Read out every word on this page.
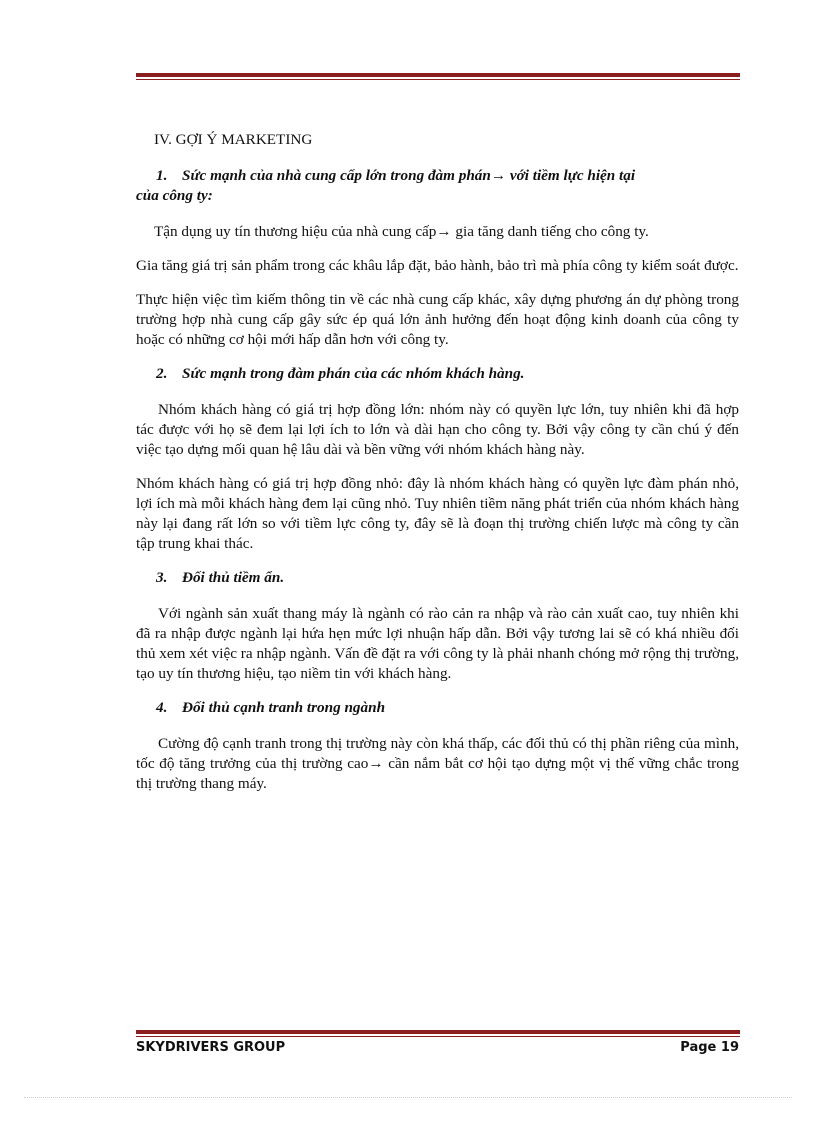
IV. GỢI Ý MARKETING

1. Sức mạnh của nhà cung cấp lớn trong đàm phán→ với tiềm lực hiện tại
của công ty:

Tận dụng uy tín thương hiệu của nhà cung cấp→ gia tăng danh tiếng cho công ty.

Gia tăng giá trị sản phẩm trong các khâu lắp đặt, bảo hành, bảo trì mà phía công ty kiểm soát được.

Thực hiện việc tìm kiếm thông tin về các nhà cung cấp khác, xây dựng phương án dự phòng trong trường hợp nhà cung cấp gây sức ép quá lớn ảnh hưởng đến hoạt động kinh doanh của công ty hoặc có những cơ hội mới hấp dẫn hơn với công ty.

2. Sức mạnh trong đàm phán của các nhóm khách hàng.

Nhóm khách hàng có giá trị hợp đồng lớn: nhóm này có quyền lực lớn, tuy nhiên khi đã hợp tác được với họ sẽ đem lại lợi ích to lớn và dài hạn cho công ty. Bởi vậy công ty cần chú ý đến việc tạo dựng mối quan hệ lâu dài và bền vững với nhóm khách hàng này.

Nhóm khách hàng có giá trị hợp đồng nhỏ: đây là nhóm khách hàng có quyền lực đàm phán nhỏ, lợi ích mà mỗi khách hàng đem lại cũng nhỏ. Tuy nhiên tiềm năng phát triển của nhóm khách hàng này lại đang rất lớn so với tiềm lực công ty, đây sẽ là đoạn thị trường chiến lược mà công ty cần tập trung khai thác.

3. Đối thủ tiềm ẩn.

Với ngành sản xuất thang máy là ngành có rào cản ra nhập và rào cản xuất cao, tuy nhiên khi đã ra nhập được ngành lại hứa hẹn mức lợi nhuận hấp dẫn. Bởi vậy tương lai sẽ có khá nhiều đối thủ xem xét việc ra nhập ngành. Vấn đề đặt ra với công ty là phải nhanh chóng mở rộng thị trường, tạo uy tín thương hiệu, tạo niềm tin với khách hàng.

4. Đối thủ cạnh tranh trong ngành

Cường độ cạnh tranh trong thị trường này còn khá thấp, các đối thủ có thị phần riêng của mình, tốc độ tăng trưởng của thị trường cao→ cần nắm bắt cơ hội tạo dựng một vị thế vững chắc trong thị trường thang máy.

SKYDRIVERS GROUP	Page 19
